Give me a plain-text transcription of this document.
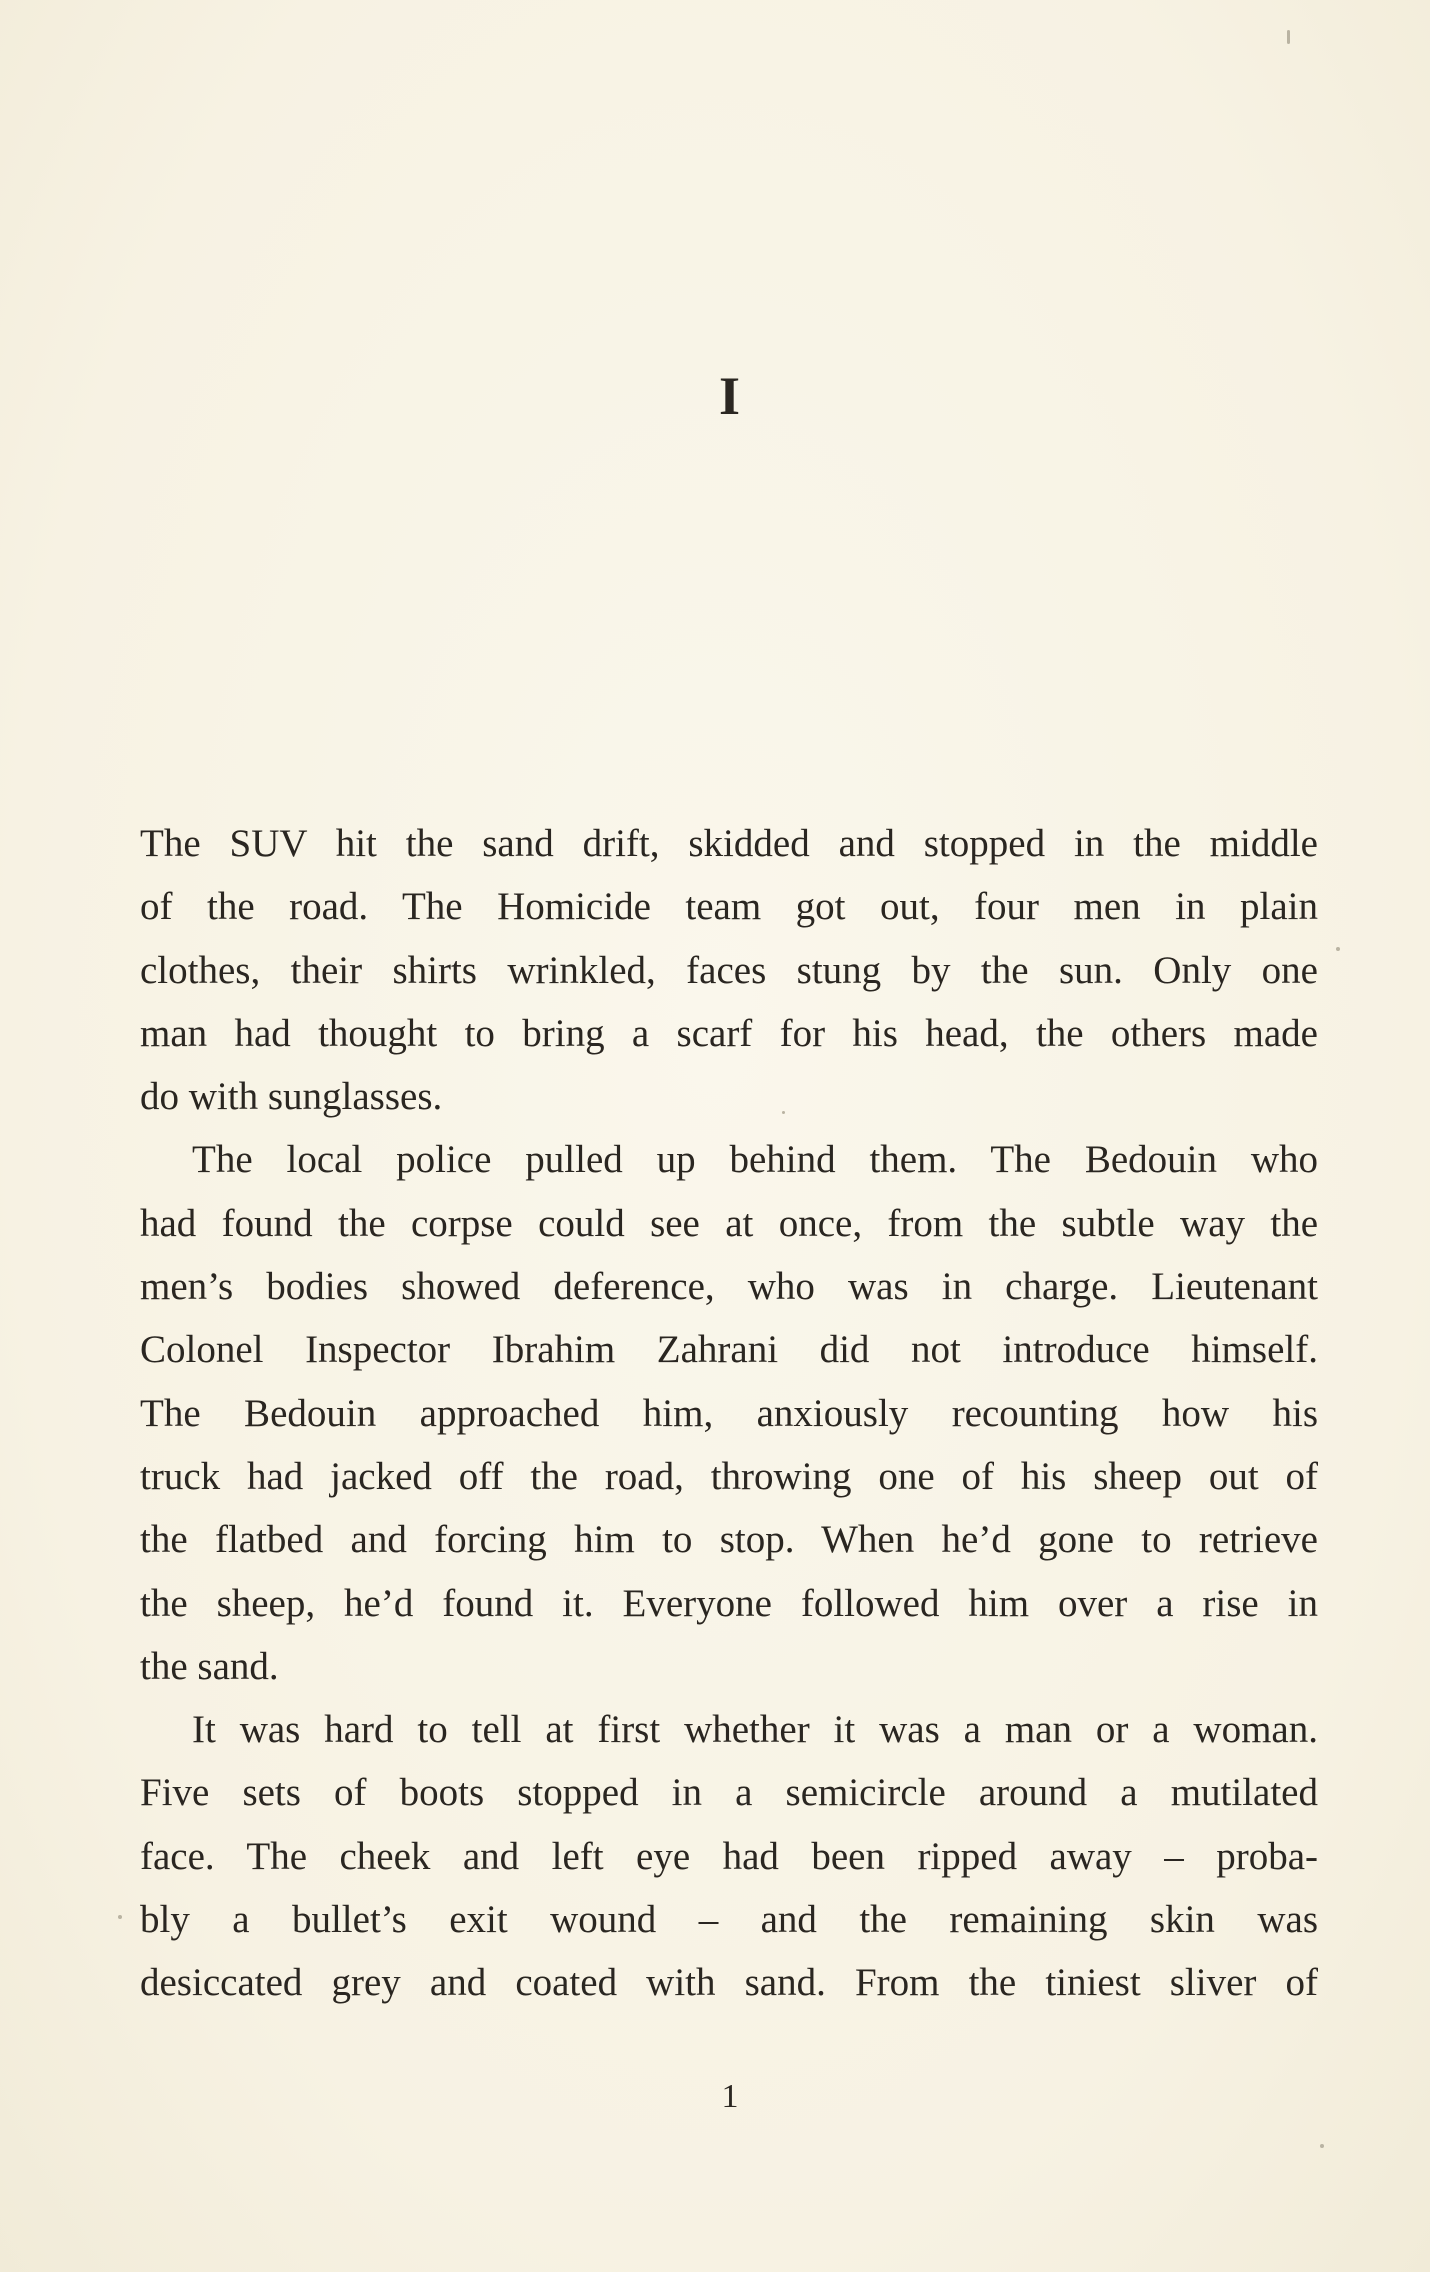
I
The SUV hit the sand drift, skidded and stopped in the middle
of the road. The Homicide team got out, four men in plain
clothes, their shirts wrinkled, faces stung by the sun. Only one
man had thought to bring a scarf for his head, the others made
do with sunglasses.
The local police pulled up behind them. The Bedouin who
had found the corpse could see at once, from the subtle way the
men’s bodies showed deference, who was in charge. Lieutenant
Colonel Inspector Ibrahim Zahrani did not introduce himself.
The Bedouin approached him, anxiously recounting how his
truck had jacked off the road, throwing one of his sheep out of
the flatbed and forcing him to stop. When he’d gone to retrieve
the sheep, he’d found it. Everyone followed him over a rise in
the sand.
It was hard to tell at first whether it was a man or a woman.
Five sets of boots stopped in a semicircle around a mutilated
face. The cheek and left eye had been ripped away – proba-
bly a bullet’s exit wound – and the remaining skin was
desiccated grey and coated with sand. From the tiniest sliver of
1
